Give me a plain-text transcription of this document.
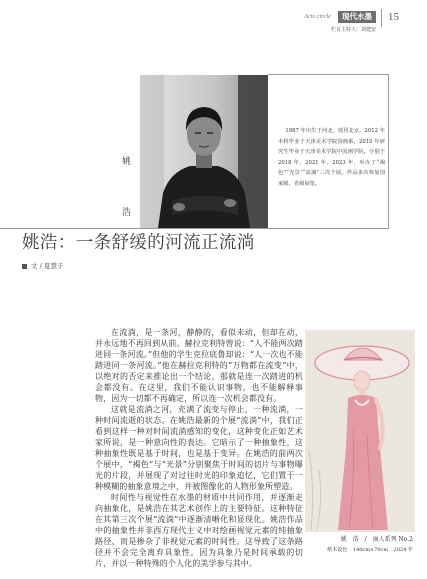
Arts circle	现代水墨	15
栏目主持人：刘建安
姚
浩
1987 年出生于河北，现居北京。2012 年本科毕业于天津美术学院国画系，2015 年研究生毕业于天津美术学院中国画学院。分别于 2018 年、2021 年、2023 年，举办了“褐色”“光景”“流淌”三次个展。作品多次参加国家级、省级展览。
姚浩：一条舒缓的河流正流淌
文 / 夏慧子

在流淌，是一条河，静静的，看似未动，但却在动，并永远地不再回到从前。赫拉克利特曾说：“人不能两次踏进同一条河流。”但他的学生克拉底鲁却说：“人一次也不能踏进同一条河流。”他在赫拉克利特的“万物都在流变”中，以绝对的否定来推论出一个结论，那就是连一次踏进的机会都没有。在这里，我们不能认识事物，也不能解释事物，因为一切都不再确定，所以连一次机会都没有。

这就是流淌之河，充满了流变与停止，一种流淌，一种时间流逝的状态。在姚浩最新的个展“流淌”中，我们正看到这样一种对时间流淌感知的变化，这种变化正如艺术家所说，是一种意向性的表达。它暗示了一种抽象性，这种抽象性既是基于时间，也是基于变异。在姚浩的前两次个展中，“褐色”与“光景”分别聚焦于时间的切片与事物曝光的片段，并展现了对过往时光的印象追忆，它们置于一种模糊的抽象意境之中，并被图像化的人物形象所塑造。

时间性与视觉性在水墨的材质中共同作用，并逐渐走向抽象化，是姚浩在其艺术创作上的主要特征。这种特征在其第三次个展“流淌”中逐渐清晰化和显现化。姚浩作品中的抽象性并非西方现代主义中对绘画视觉元素的纯抽象路径，而是掺杂了非视觉元素的时间性，这导致了这条路径并不会完全离弃具象性，因为具象乃是时间承载的切片，并以一种特殊的个人化的美学参与其中。

姚　浩 / 丽人系列 No.2
纸本设色 140cm×70cm 2024 年
